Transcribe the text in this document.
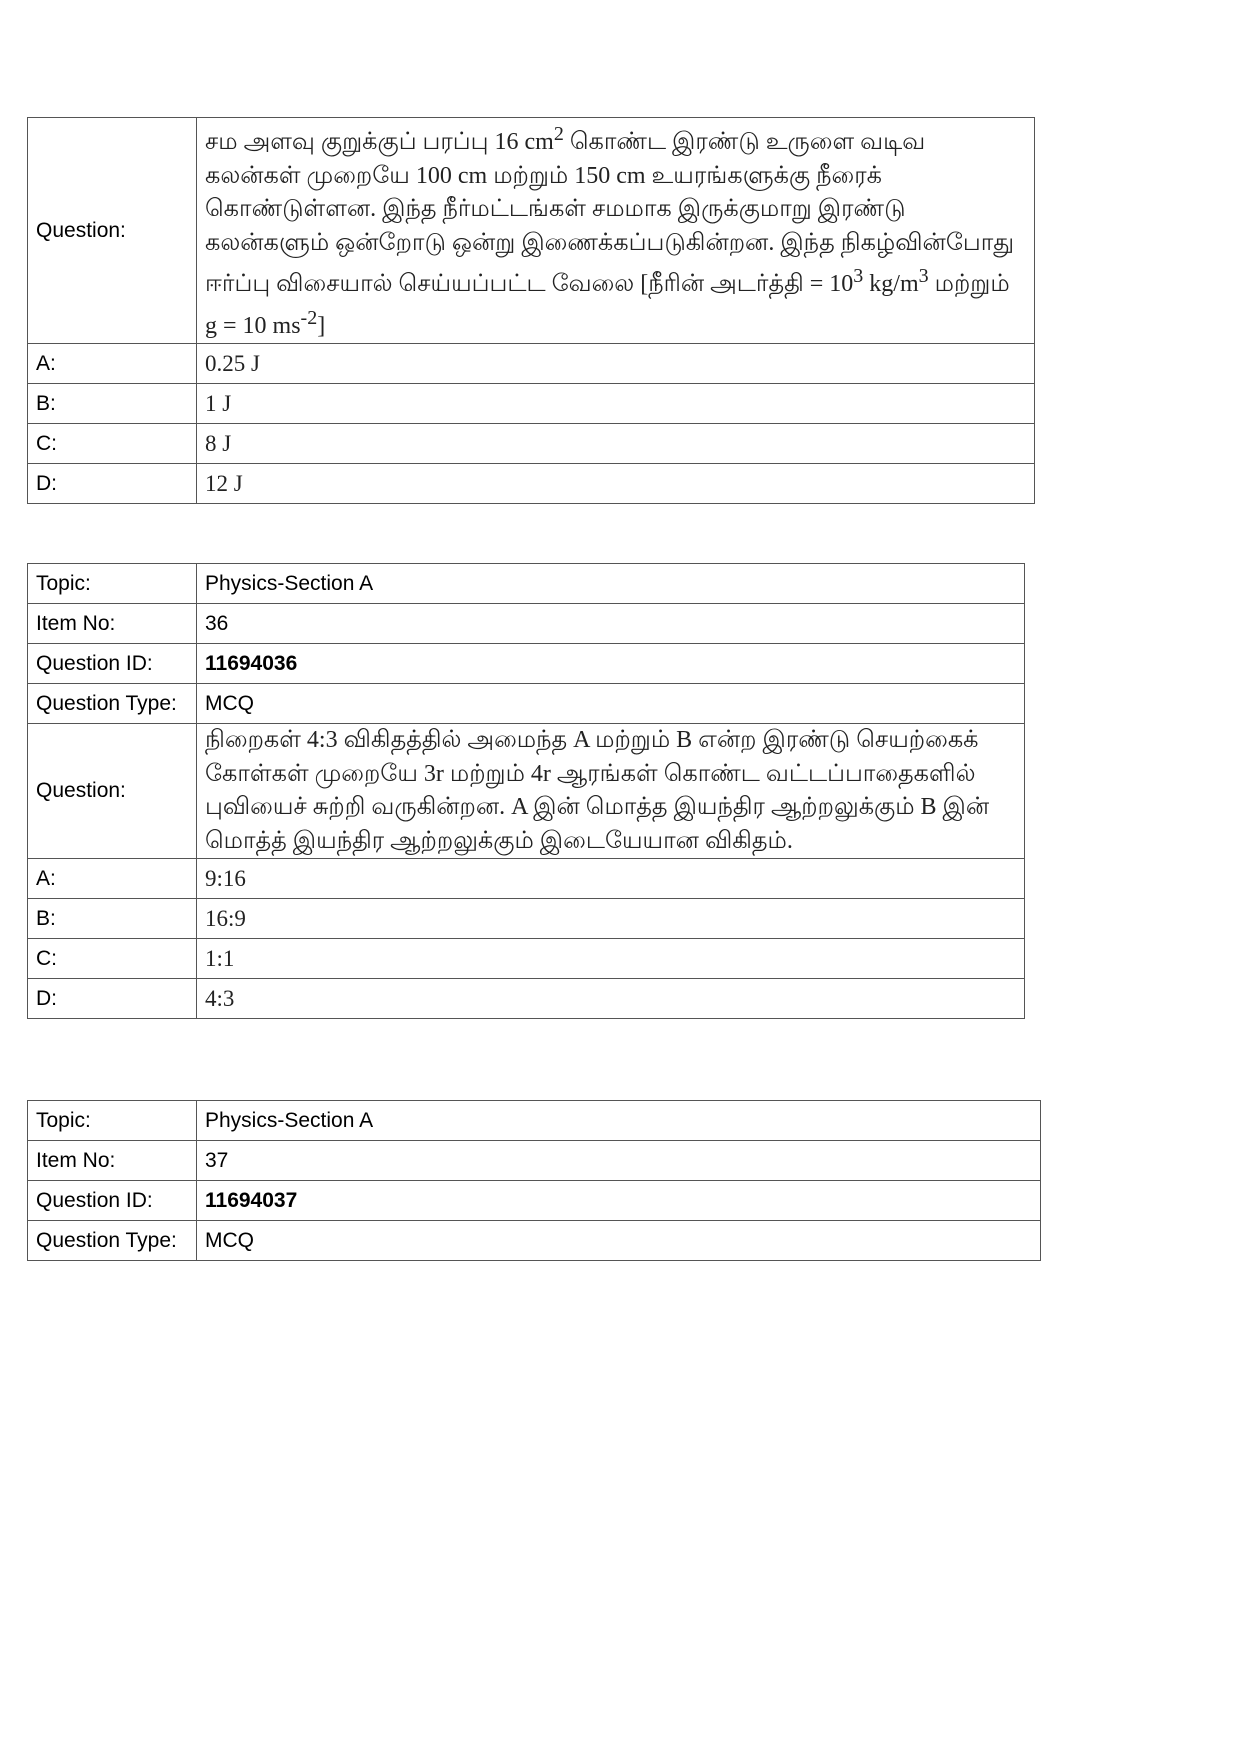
Question:	சம அளவு குறுக்குப் பரப்பு 16 $cm^2$ கொண்ட இரண்டு உருளை வடிவ கலன்கள் முறையே 100 cm மற்றும் 150 cm உயரங்களுக்கு நீரைக் கொண்டுள்ளன. இந்த நீர்மட்டங்கள் சமமாக இருக்குமாறு இரண்டு கலன்களும் ஒன்றோடு ஒன்று இணைக்கப்படுகின்றன. இந்த நிகழ்வின்போது ஈர்ப்பு விசையால் செய்யப்பட்ட வேலை [நீரின் அடர்த்தி = $10^3$ $kg/m^3$ மற்றும் g = 10 $ms^{-2}$]
A:	0.25 J
B:	1 J
C:	8 J
D:	12 J
Topic:	Physics-Section A
Item No:	36
Question ID:	11694036
Question Type:	MCQ
Question:	நிறைகள் 4:3 விகிதத்தில் அமைந்த A மற்றும் B என்ற இரண்டு செயற்கைக் கோள்கள் முறையே 3r மற்றும் 4r ஆரங்கள் கொண்ட வட்டப்பாதைகளில் புவியைச் சுற்றி வருகின்றன. A இன் மொத்த இயந்திர ஆற்றலுக்கும் B இன் மொத்த் இயந்திர ஆற்றலுக்கும் இடையேயான விகிதம்.
A:	9:16
B:	16:9
C:	1:1
D:	4:3
Topic:	Physics-Section A
Item No:	37
Question ID:	11694037
Question Type:	MCQ
